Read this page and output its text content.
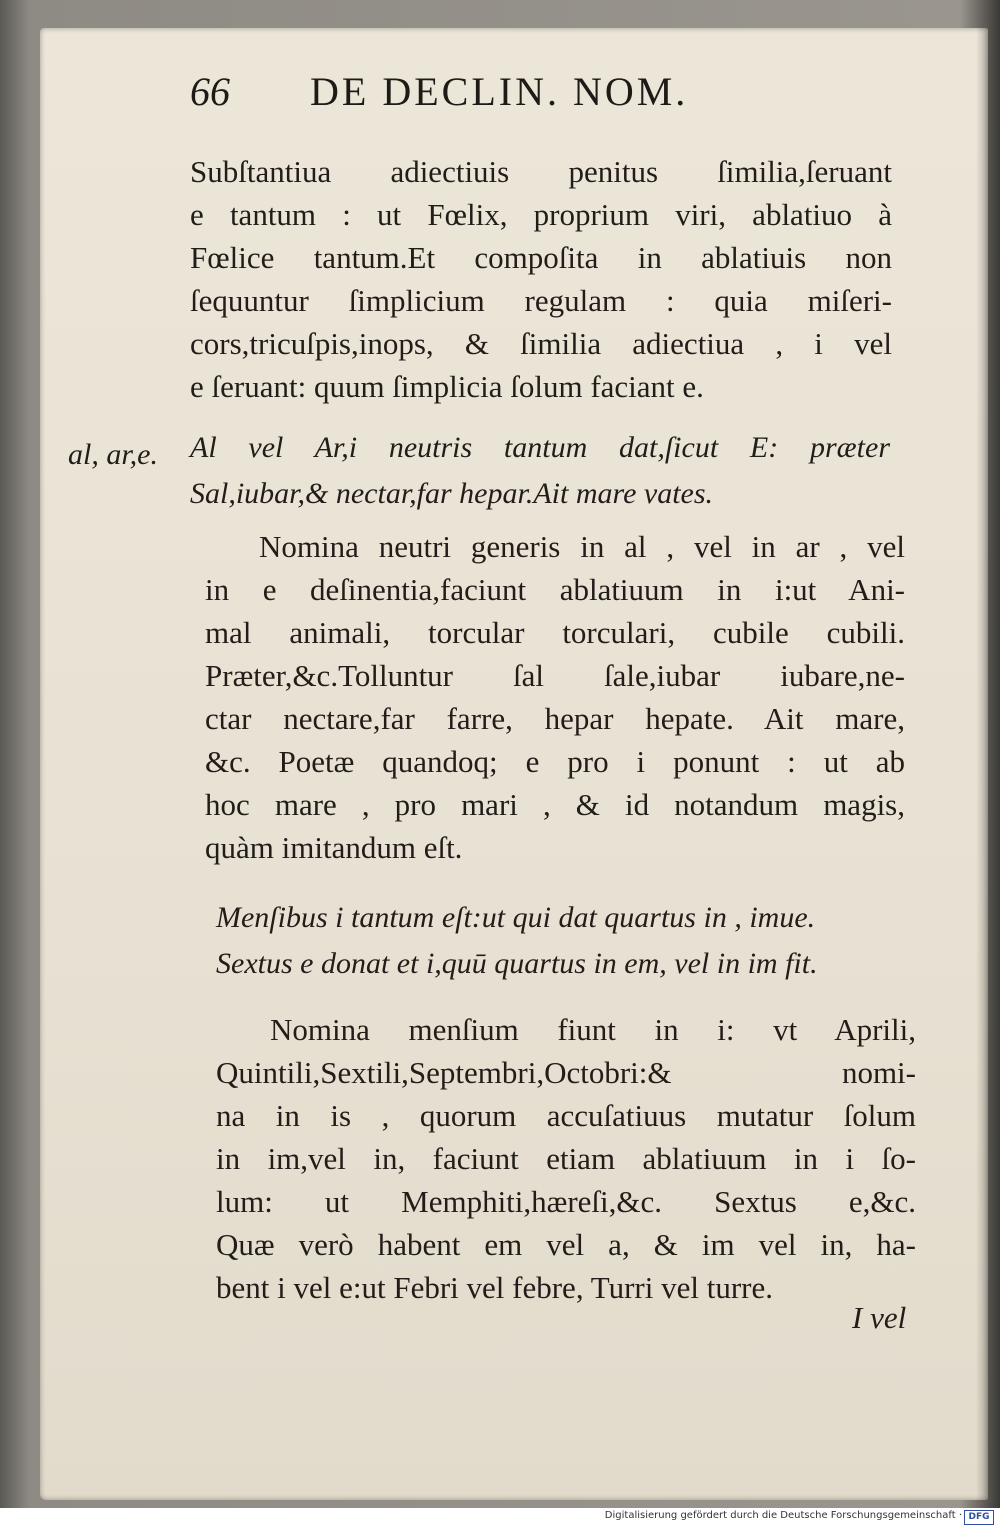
66 DE DECLIN. NOM.

Subſtantiua adiectiuis penitus ſimilia,ſeruant

e tantum : ut Fœlix, proprium viri, ablatiuo à

Fœlice tantum.Et compoſita in ablatiuis non

ſequuntur ſimplicium regulam : quia miſeri-

cors,tricuſpis,inops, & ſimilia adiectiua , i vel

e ſeruant: quum ſimplicia ſolum faciant e.

al, ar,e. Al vel Ar,i neutris tantum dat,ſicut E: præter

Sal,iubar,& nectar,far hepar.Ait mare vates.

Nomina neutri generis in al , vel in ar , vel

in e deſinentia,faciunt ablatiuum in i:ut Ani-

mal animali, torcular torculari, cubile cubili.

Præter,&c.Tolluntur ſal ſale,iubar iubare,ne-

ctar nectare,far farre, hepar hepate. Ait mare,

&c. Poetæ quandoq; e pro i ponunt : ut ab

hoc mare , pro mari , & id notandum magis,

quàm imitandum eſt.

Menſibus i tantum eſt:ut qui dat quartus in , imue.

Sextus e donat et i,quū quartus in em, vel in im fit.

Nomina menſium fiunt in i: vt Aprili,

Quintili,Sextili,Septembri,Octobri:& nomi-

na in is , quorum accuſatiuus mutatur ſolum

in im,vel in, faciunt etiam ablatiuum in i ſo-

lum: ut Memphiti,hæreſi,&c. Sextus e,&c.

Quæ verò habent em vel a, & im vel in, ha-

bent i vel e:ut Febri vel febre, Turri vel turre.

I vel
Digitalisierung gefördert durch die Deutsche Forschungsgemeinschaft · DFG
